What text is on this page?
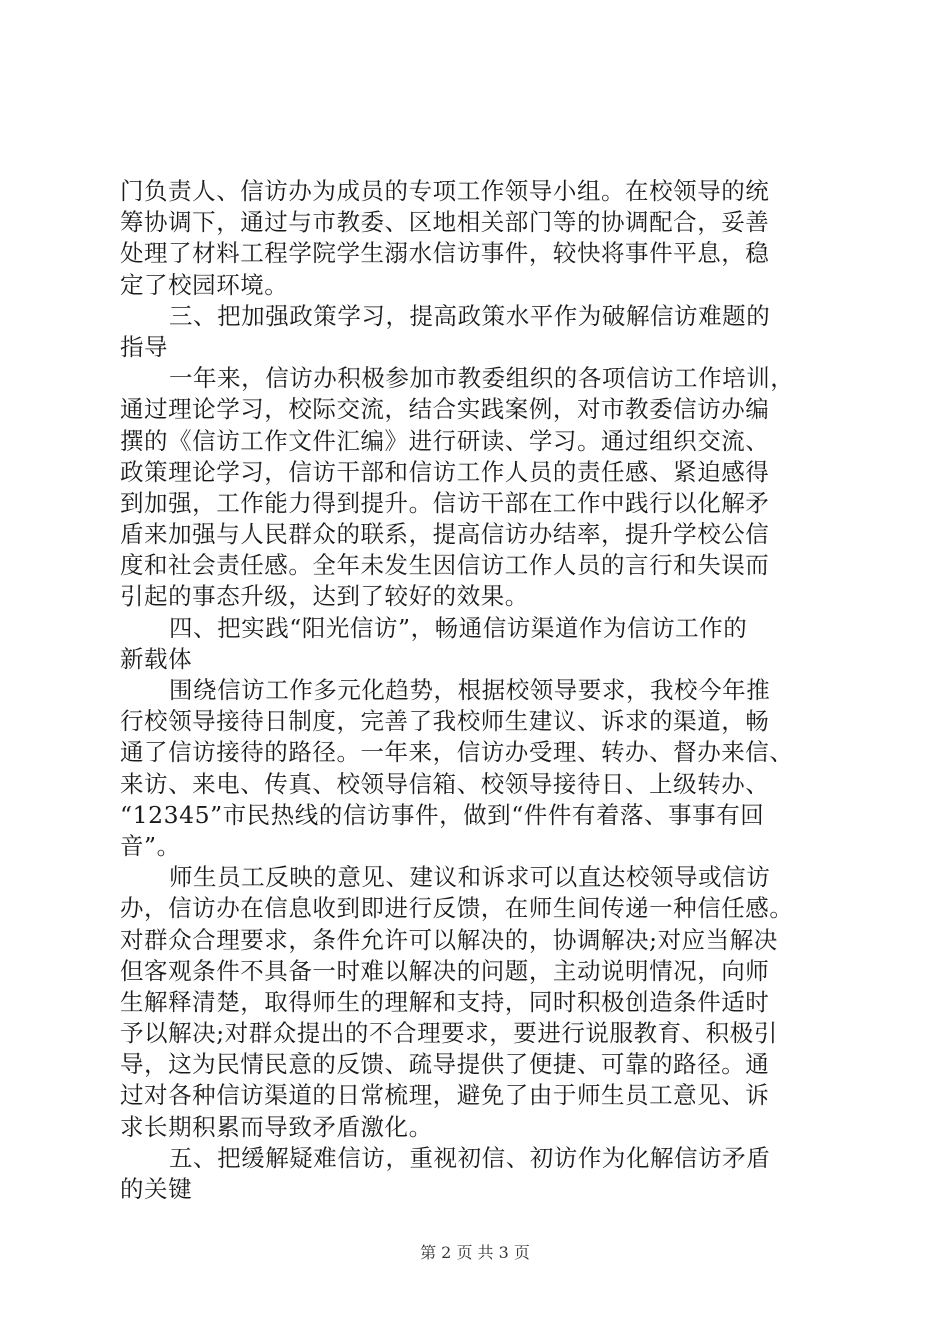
门负责人、信访办为成员的专项工作领导小组。在校领导的统
筹协调下，通过与市教委、区地相关部门等的协调配合，妥善
处理了材料工程学院学生溺水信访事件，较快将事件平息，稳
定了校园环境。
三、把加强政策学习，提高政策水平作为破解信访难题的
指导
一年来，信访办积极参加市教委组织的各项信访工作培训，
通过理论学习，校际交流，结合实践案例，对市教委信访办编
撰的《信访工作文件汇编》进行研读、学习。通过组织交流、
政策理论学习，信访干部和信访工作人员的责任感、紧迫感得
到加强，工作能力得到提升。信访干部在工作中践行以化解矛
盾来加强与人民群众的联系，提高信访办结率，提升学校公信
度和社会责任感。全年未发生因信访工作人员的言行和失误而
引起的事态升级，达到了较好的效果。
四、把实践“阳光信访”，畅通信访渠道作为信访工作的
新载体
围绕信访工作多元化趋势，根据校领导要求，我校今年推
行校领导接待日制度，完善了我校师生建议、诉求的渠道，畅
通了信访接待的路径。一年来，信访办受理、转办、督办来信、
来访、来电、传真、校领导信箱、校领导接待日、上级转办、
“12345”市民热线的信访事件，做到“件件有着落、事事有回
音”。
师生员工反映的意见、建议和诉求可以直达校领导或信访
办，信访办在信息收到即进行反馈，在师生间传递一种信任感。
对群众合理要求，条件允许可以解决的，协调解决;对应当解决
但客观条件不具备一时难以解决的问题，主动说明情况，向师
生解释清楚，取得师生的理解和支持，同时积极创造条件适时
予以解决;对群众提出的不合理要求，要进行说服教育、积极引
导，这为民情民意的反馈、疏导提供了便捷、可靠的路径。通
过对各种信访渠道的日常梳理，避免了由于师生员工意见、诉
求长期积累而导致矛盾激化。
五、把缓解疑难信访，重视初信、初访作为化解信访矛盾
的关键
第 2 页 共 3 页
